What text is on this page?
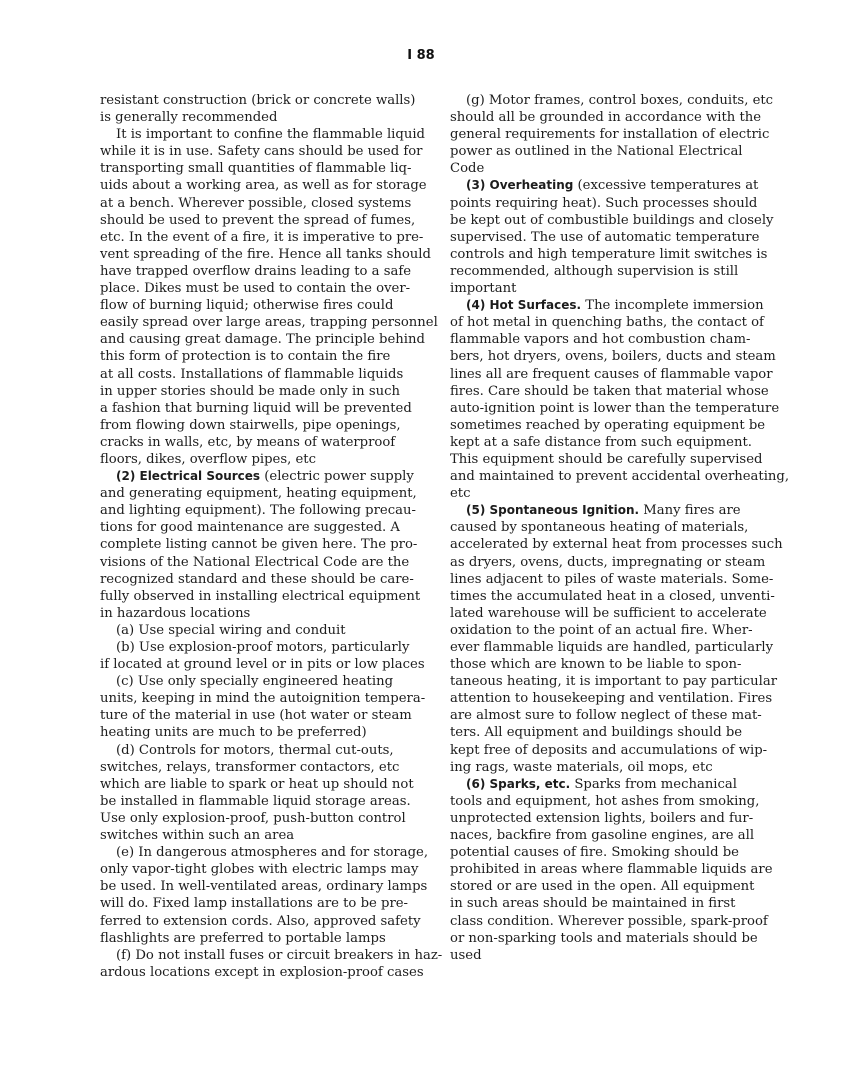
I 88
resistant construction (brick or concrete walls)
is generally recommended
It is important to confine the flammable liquid
while it is in use. Safety cans should be used for
transporting small quantities of flammable liq-
uids about a working area, as well as for storage
at a bench. Wherever possible, closed systems
should be used to prevent the spread of fumes,
etc. In the event of a fire, it is imperative to pre-
vent spreading of the fire. Hence all tanks should
have trapped overflow drains leading to a safe
place. Dikes must be used to contain the over-
flow of burning liquid; otherwise fires could
easily spread over large areas, trapping personnel
and causing great damage. The principle behind
this form of protection is to contain the fire
at all costs. Installations of flammable liquids
in upper stories should be made only in such
a fashion that burning liquid will be prevented
from flowing down stairwells, pipe openings,
cracks in walls, etc, by means of waterproof
floors, dikes, overflow pipes, etc
(2) Electrical Sources (electric power supply
and generating equipment, heating equipment,
and lighting equipment). The following precau-
tions for good maintenance are suggested. A
complete listing cannot be given here. The pro-
visions of the National Electrical Code are the
recognized standard and these should be care-
fully observed in installing electrical equipment
in hazardous locations
(a) Use special wiring and conduit
(b) Use explosion-proof motors, particularly
if located at ground level or in pits or low places
(c) Use only specially engineered heating
units, keeping in mind the autoignition tempera-
ture of the material in use (hot water or steam
heating units are much to be preferred)
(d) Controls for motors, thermal cut-outs,
switches, relays, transformer contactors, etc
which are liable to spark or heat up should not
be installed in flammable liquid storage areas.
Use only explosion-proof, push-button control
switches within such an area
(e) In dangerous atmospheres and for storage,
only vapor-tight globes with electric lamps may
be used. In well-ventilated areas, ordinary lamps
will do. Fixed lamp installations are to be pre-
ferred to extension cords. Also, approved safety
flashlights are preferred to portable lamps
(f) Do not install fuses or circuit breakers in haz-
ardous locations except in explosion-proof cases
(g) Motor frames, control boxes, conduits, etc
should all be grounded in accordance with the
general requirements for installation of electric
power as outlined in the National Electrical
Code
(3) Overheating (excessive temperatures at
points requiring heat). Such processes should
be kept out of combustible buildings and closely
supervised. The use of automatic temperature
controls and high temperature limit switches is
recommended, although supervision is still
important
(4) Hot Surfaces. The incomplete immersion
of hot metal in quenching baths, the contact of
flammable vapors and hot combustion cham-
bers, hot dryers, ovens, boilers, ducts and steam
lines all are frequent causes of flammable vapor
fires. Care should be taken that material whose
auto-ignition point is lower than the temperature
sometimes reached by operating equipment be
kept at a safe distance from such equipment.
This equipment should be carefully supervised
and maintained to prevent accidental overheating,
etc
(5) Spontaneous Ignition. Many fires are
caused by spontaneous heating of materials,
accelerated by external heat from processes such
as dryers, ovens, ducts, impregnating or steam
lines adjacent to piles of waste materials. Some-
times the accumulated heat in a closed, unventi-
lated warehouse will be sufficient to accelerate
oxidation to the point of an actual fire. Wher-
ever flammable liquids are handled, particularly
those which are known to be liable to spon-
taneous heating, it is important to pay particular
attention to housekeeping and ventilation. Fires
are almost sure to follow neglect of these mat-
ters. All equipment and buildings should be
kept free of deposits and accumulations of wip-
ing rags, waste materials, oil mops, etc
(6) Sparks, etc. Sparks from mechanical
tools and equipment, hot ashes from smoking,
unprotected extension lights, boilers and fur-
naces, backfire from gasoline engines, are all
potential causes of fire. Smoking should be
prohibited in areas where flammable liquids are
stored or are used in the open. All equipment
in such areas should be maintained in first
class condition. Wherever possible, spark-proof
or non-sparking tools and materials should be
used
